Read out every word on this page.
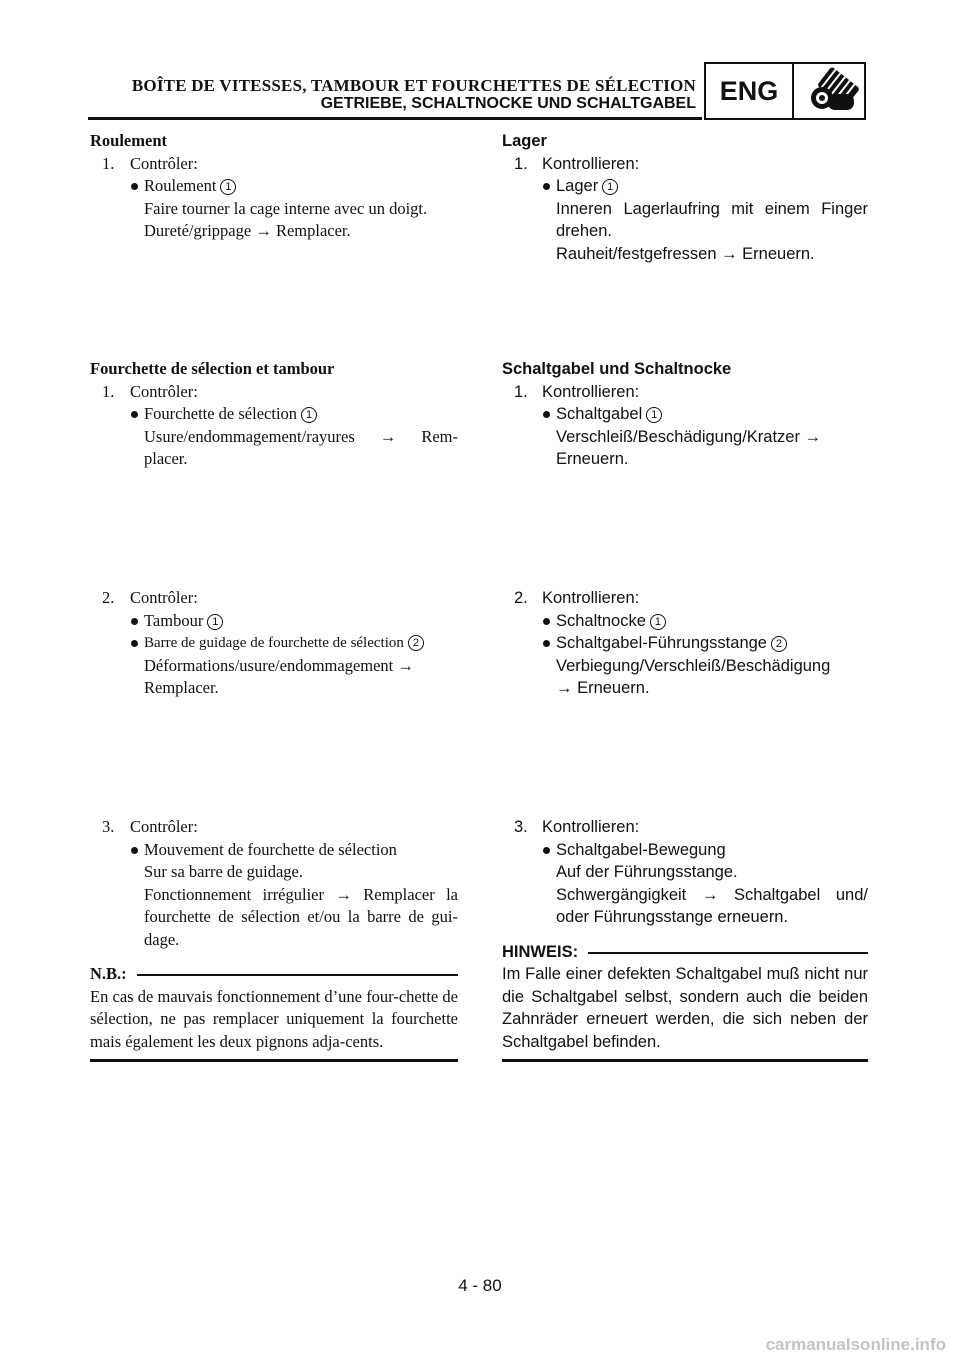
BOÎTE DE VITESSES, TAMBOUR ET FOURCHETTES DE SÉLECTION
GETRIEBE, SCHALTNOCKE UND SCHALTGABEL ENG
Roulement
1. Contrôler:
Roulement 1
Faire tourner la cage interne avec un doigt.
Dureté/grippage → Remplacer.
Fourchette de sélection et tambour
1. Contrôler:
Fourchette de sélection 1
Usure/endommagement/rayures → Rem-
placer.
2. Contrôler:
Tambour 1
Barre de guidage de fourchette de sélection 2
Déformations/usure/endommagement →
Remplacer.
3. Contrôler:
Mouvement de fourchette de sélection
Sur sa barre de guidage.
Fonctionnement irrégulier → Remplacer la fourchette de sélection et/ou la barre de gui-dage.
N.B.:
En cas de mauvais fonctionnement d’une four-chette de sélection, ne pas remplacer uniquement la fourchette mais également les deux pignons adja-cents.
Lager
1. Kontrollieren:
Lager 1
Inneren Lagerlaufring mit einem Finger drehen.
Rauheit/festgefressen → Erneuern.
Schaltgabel und Schaltnocke
1. Kontrollieren:
Schaltgabel 1
Verschleiß/Beschädigung/Kratzer →
Erneuern.
2. Kontrollieren:
Schaltnocke 1
Schaltgabel-Führungsstange 2
Verbiegung/Verschleiß/Beschädigung
→ Erneuern.
3. Kontrollieren:
Schaltgabel-Bewegung
Auf der Führungsstange.
Schwergängigkeit → Schaltgabel und/ oder Führungsstange erneuern.
HINWEIS:
Im Falle einer defekten Schaltgabel muß nicht nur die Schaltgabel selbst, sondern auch die beiden Zahnräder erneuert werden, die sich neben der Schaltgabel befinden.
4 - 80
carmanualsonline.info
